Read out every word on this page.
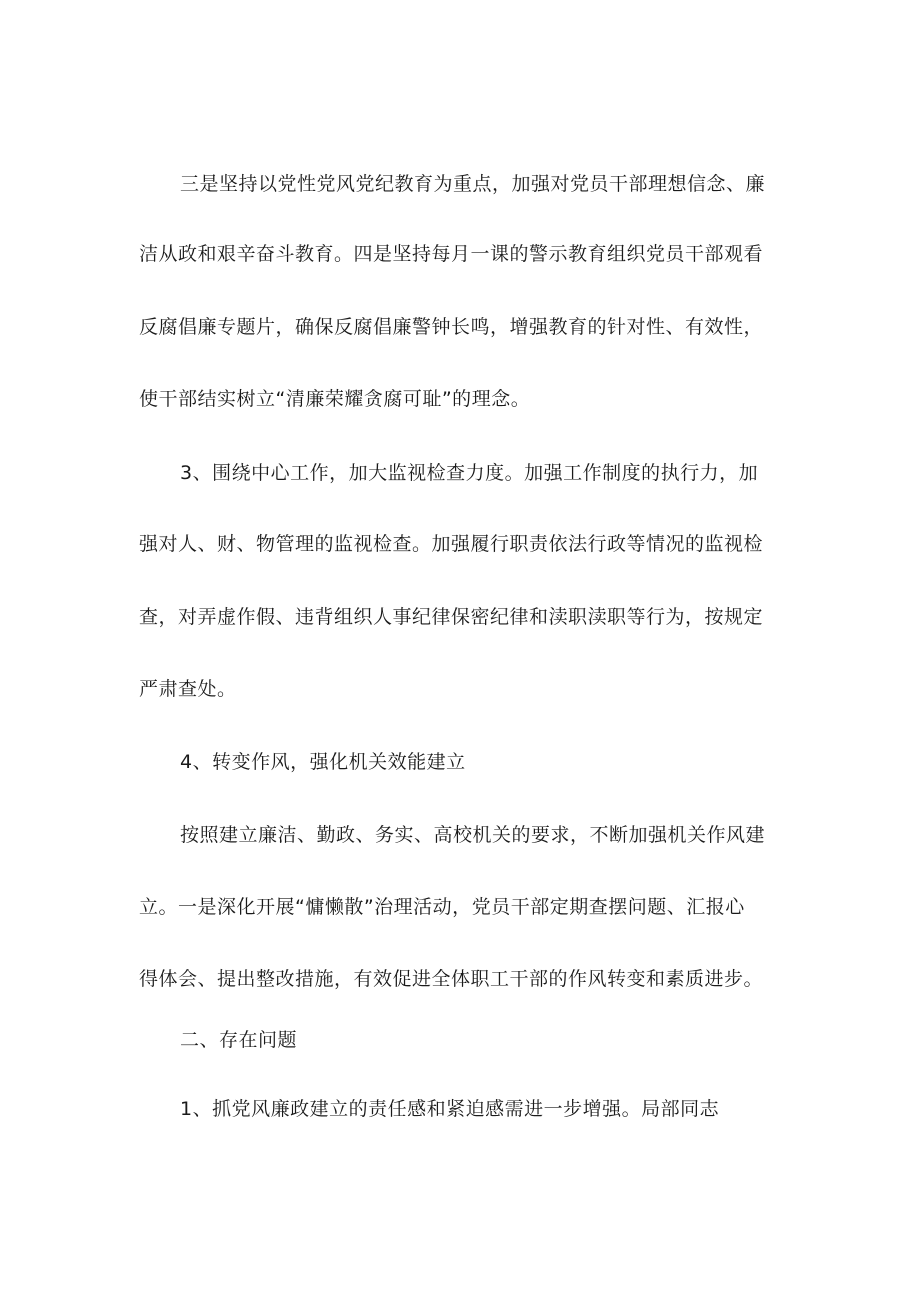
三是坚持以党性党风党纪教育为重点，加强对党员干部理想信念、廉

洁从政和艰辛奋斗教育。四是坚持每月一课的警示教育组织党员干部观看

反腐倡廉专题片，确保反腐倡廉警钟长鸣，增强教育的针对性、有效性，

使干部结实树立“清廉荣耀贪腐可耻”的理念。

3、围绕中心工作，加大监视检查力度。加强工作制度的执行力，加

强对人、财、物管理的监视检查。加强履行职责依法行政等情况的监视检

查，对弄虚作假、违背组织人事纪律保密纪律和渎职渎职等行为，按规定

严肃查处。

4、转变作风，强化机关效能建立

按照建立廉洁、勤政、务实、高校机关的要求，不断加强机关作风建

立。一是深化开展“慵懒散”治理活动，党员干部定期查摆问题、汇报心

得体会、提出整改措施，有效促进全体职工干部的作风转变和素质进步。

二、存在问题

1、抓党风廉政建立的责任感和紧迫感需进一步增强。局部同志
